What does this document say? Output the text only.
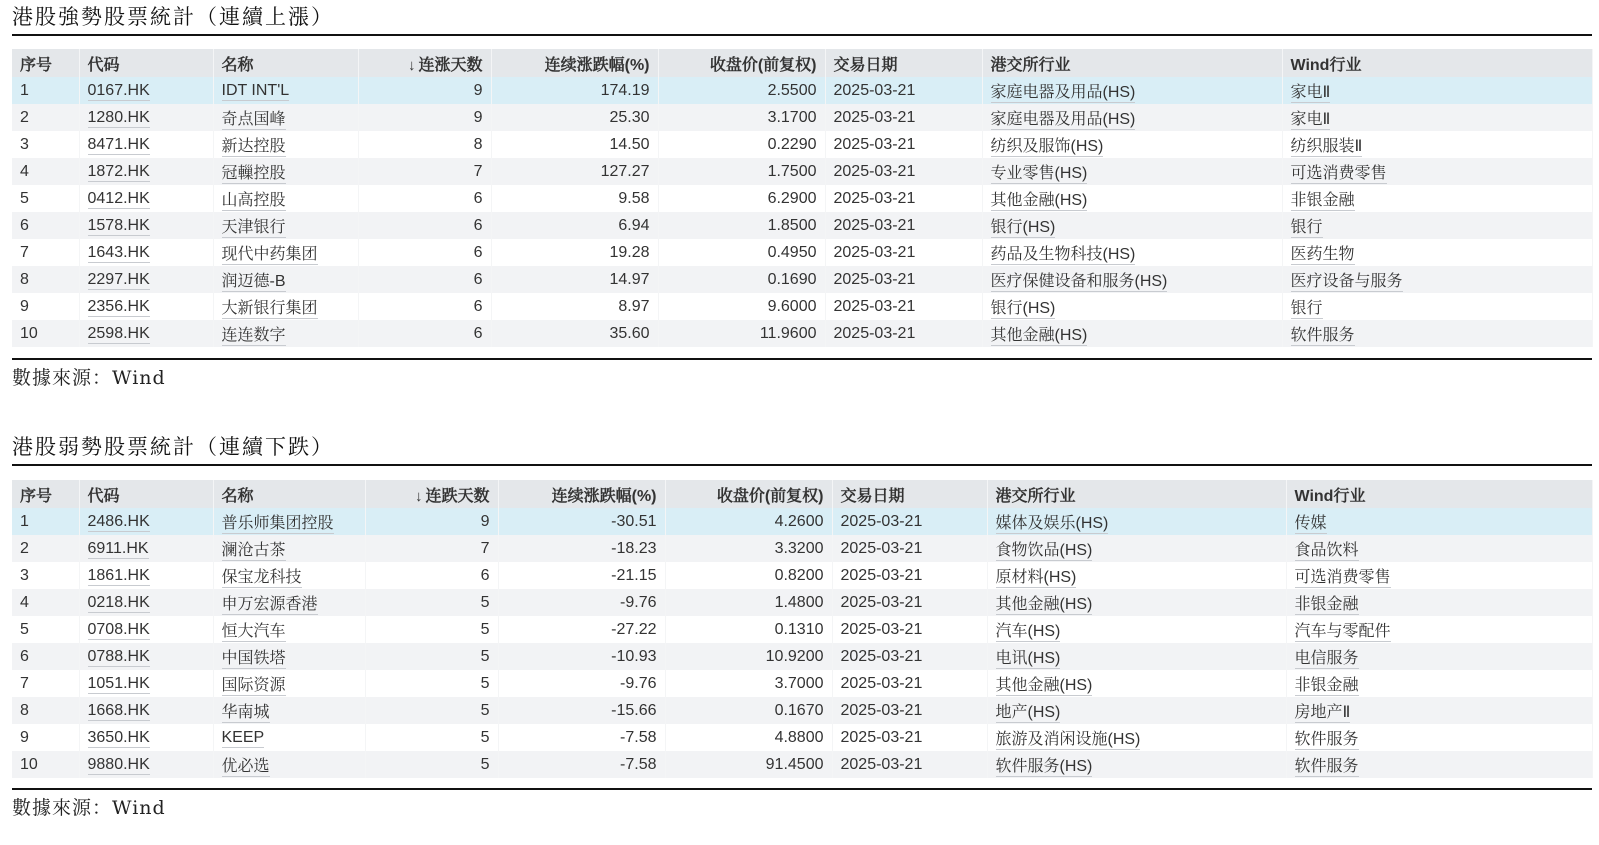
港股強勢股票統計（連續上漲）
序号	代码	名称	↓ 连涨天数	连续涨跌幅(%)	收盘价(前复权)	交易日期	港交所行业	Wind行业
1	0167.HK	IDT INT'L	9	174.19	2.5500	2025-03-21	家庭电器及用品(HS)	家电Ⅱ
2	1280.HK	奇点国峰	9	25.30	3.1700	2025-03-21	家庭电器及用品(HS)	家电Ⅱ
3	8471.HK	新达控股	8	14.50	0.2290	2025-03-21	纺织及服饰(HS)	纺织服装Ⅱ
4	1872.HK	冠轈控股	7	127.27	1.7500	2025-03-21	专业零售(HS)	可选消费零售
5	0412.HK	山高控股	6	9.58	6.2900	2025-03-21	其他金融(HS)	非银金融
6	1578.HK	天津银行	6	6.94	1.8500	2025-03-21	银行(HS)	银行
7	1643.HK	现代中药集团	6	19.28	0.4950	2025-03-21	药品及生物科技(HS)	医药生物
8	2297.HK	润迈德-B	6	14.97	0.1690	2025-03-21	医疗保健设备和服务(HS)	医疗设备与服务
9	2356.HK	大新银行集团	6	8.97	9.6000	2025-03-21	银行(HS)	银行
10	2598.HK	连连数字	6	35.60	11.9600	2025-03-21	其他金融(HS)	软件服务
數據來源：Wind
港股弱勢股票統計（連續下跌）
序号	代码	名称	↓ 连跌天数	连续涨跌幅(%)	收盘价(前复权)	交易日期	港交所行业	Wind行业
1	2486.HK	普乐师集团控股	9	-30.51	4.2600	2025-03-21	媒体及娱乐(HS)	传媒
2	6911.HK	澜沧古茶	7	-18.23	3.3200	2025-03-21	食物饮品(HS)	食品饮料
3	1861.HK	保宝龙科技	6	-21.15	0.8200	2025-03-21	原材料(HS)	可选消费零售
4	0218.HK	申万宏源香港	5	-9.76	1.4800	2025-03-21	其他金融(HS)	非银金融
5	0708.HK	恒大汽车	5	-27.22	0.1310	2025-03-21	汽车(HS)	汽车与零配件
6	0788.HK	中国铁塔	5	-10.93	10.9200	2025-03-21	电讯(HS)	电信服务
7	1051.HK	国际资源	5	-9.76	3.7000	2025-03-21	其他金融(HS)	非银金融
8	1668.HK	华南城	5	-15.66	0.1670	2025-03-21	地产(HS)	房地产Ⅱ
9	3650.HK	KEEP	5	-7.58	4.8800	2025-03-21	旅游及消闲设施(HS)	软件服务
10	9880.HK	优必选	5	-7.58	91.4500	2025-03-21	软件服务(HS)	软件服务
數據來源：Wind
